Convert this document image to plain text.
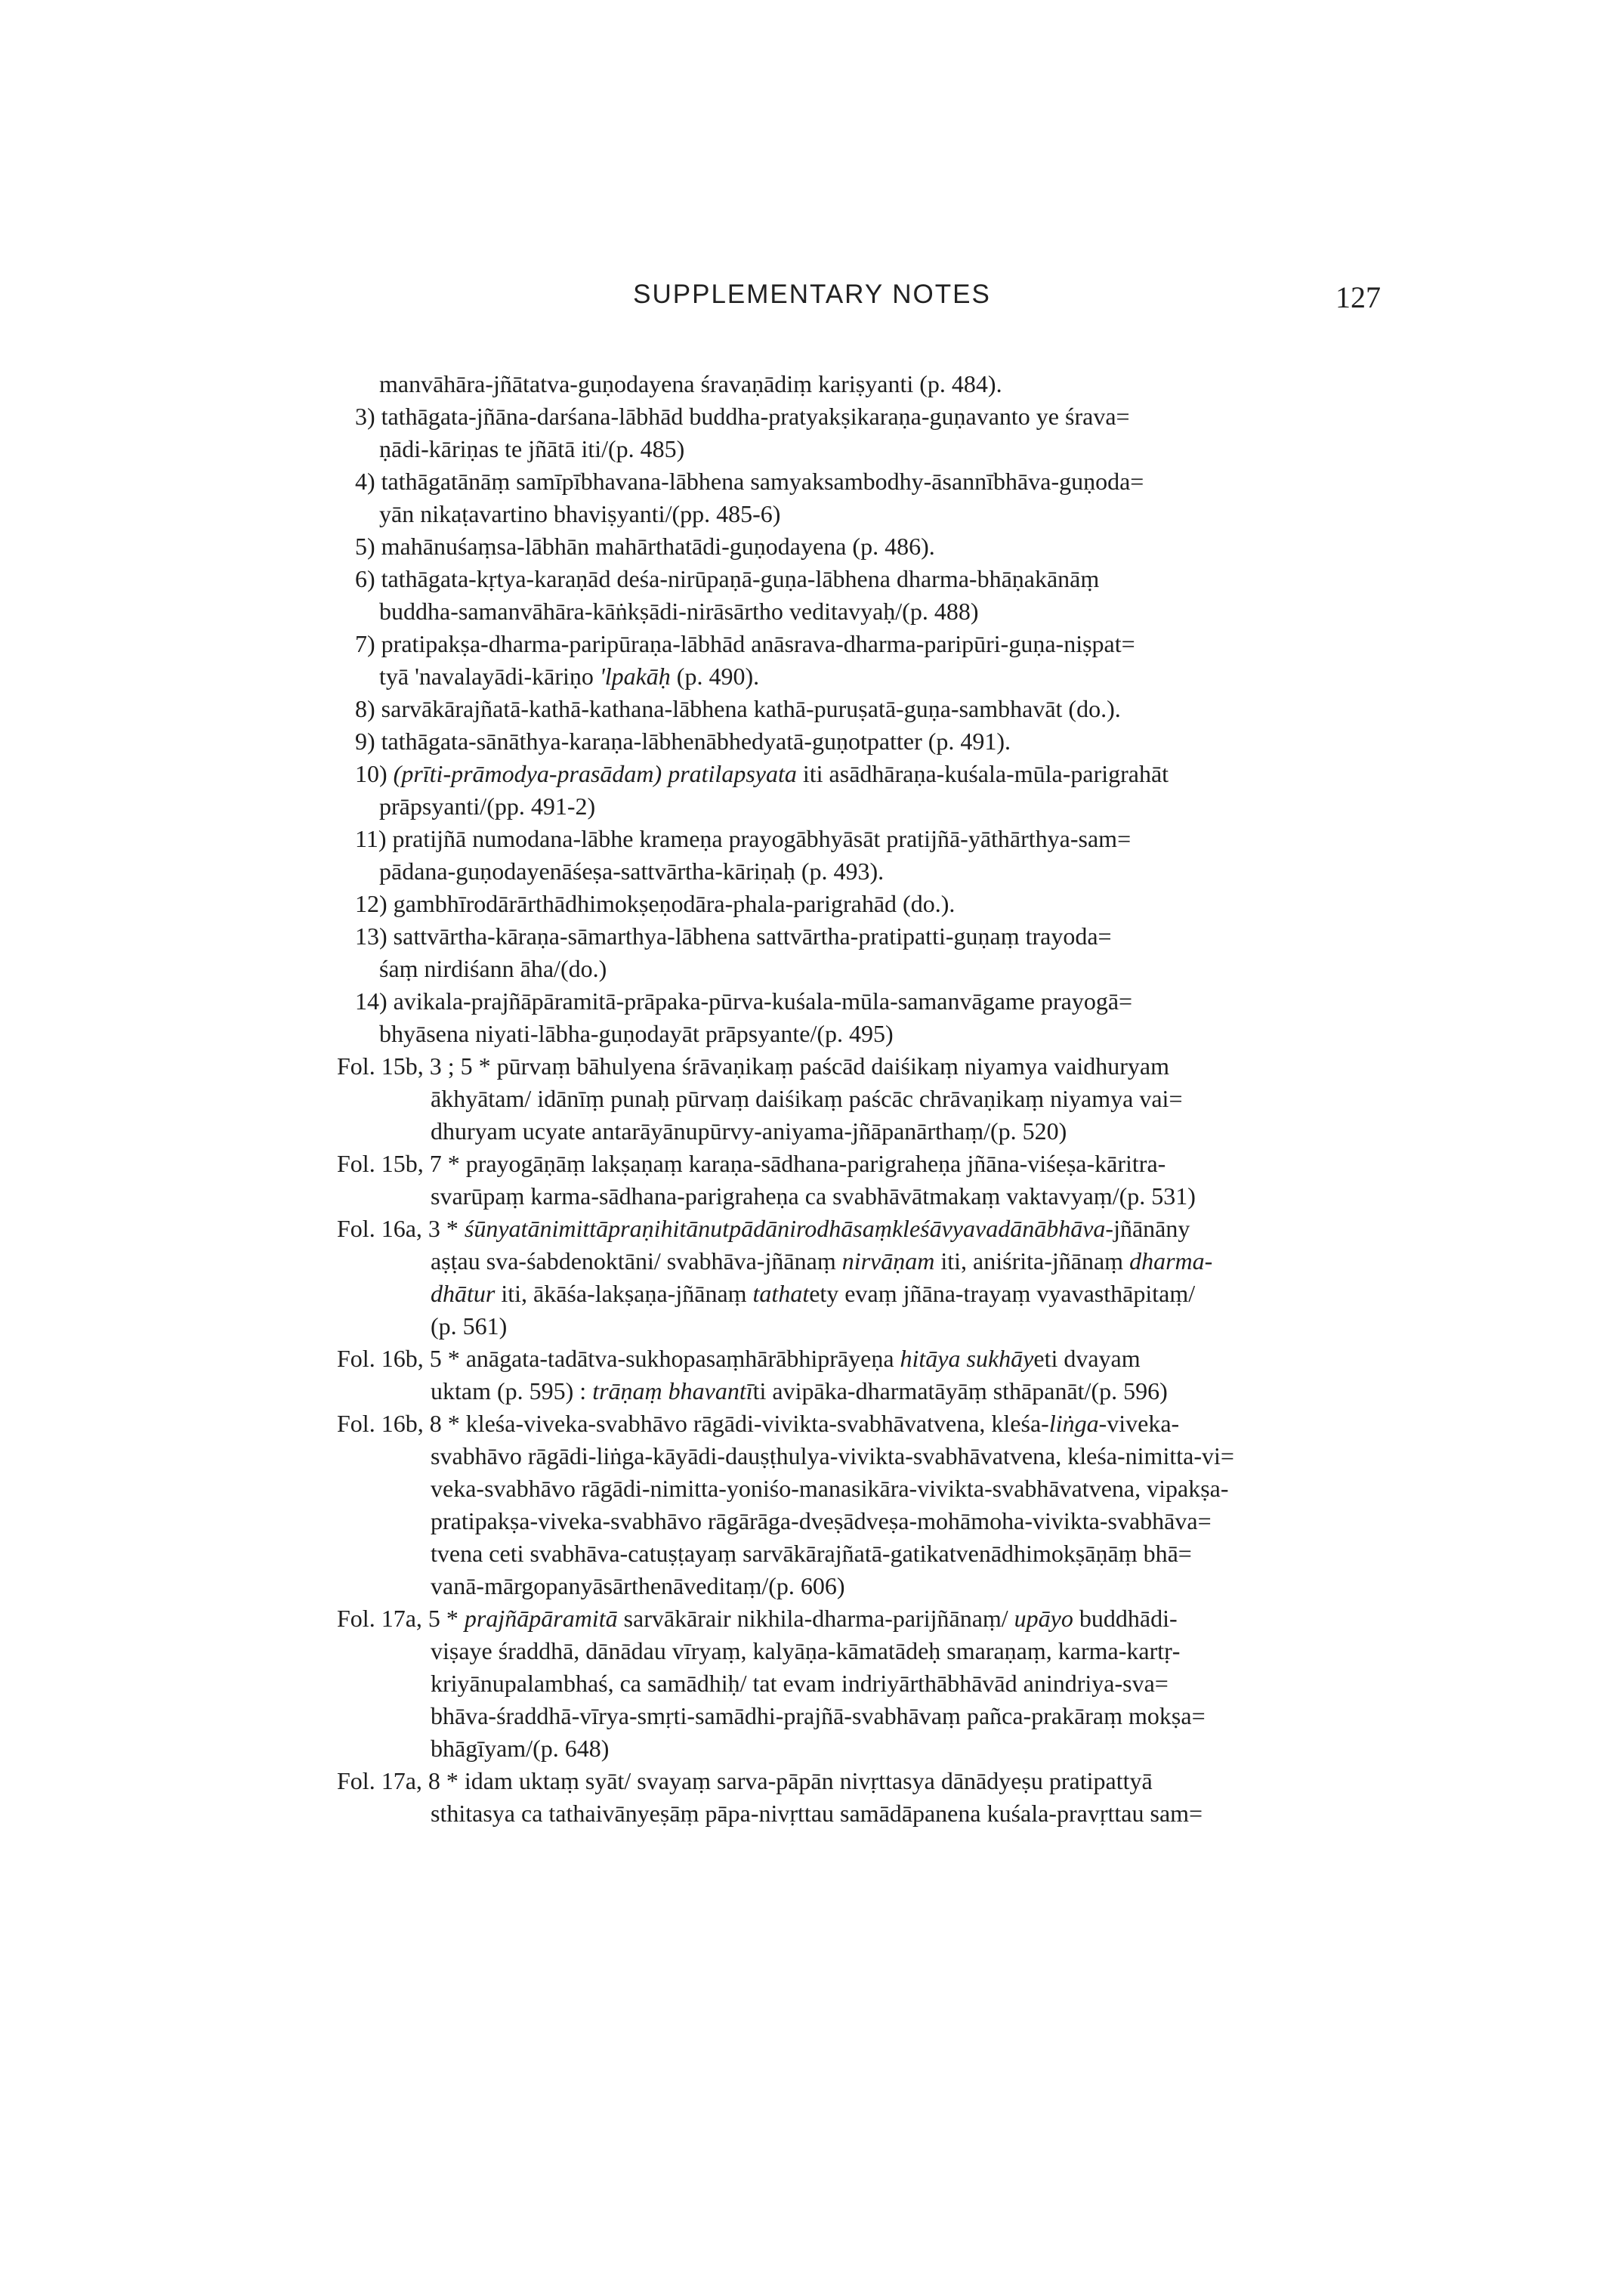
SUPPLEMENTARY NOTES	127
manvāhāra-jñātatva-guṇodayena śravaṇādiṃ kariṣyanti (p. 484).
3) tathāgata-jñāna-darśana-lābhād buddha-pratyakṣikaraṇa-guṇavanto ye śrava=
ṇādi-kāriṇas te jñātā iti/(p. 485)
4) tathāgatānāṃ samīpībhavana-lābhena samyaksambodhy-āsannībhāva-guṇoda=
yān nikaṭavartino bhaviṣyanti/(pp. 485-6)
5) mahānuśaṃsa-lābhān mahārthatādi-guṇodayena (p. 486).
6) tathāgata-kṛtya-karaṇād deśa-nirūpaṇā-guṇa-lābhena dharma-bhāṇakānāṃ
buddha-samanvāhāra-kāṅkṣādi-nirāsārtho veditavyaḥ/(p. 488)
7) pratipakṣa-dharma-paripūraṇa-lābhād anāsrava-dharma-paripūri-guṇa-niṣpat=
tyā 'navalayādi-kāriṇo 'lpakāḥ (p. 490).
8) sarvākārajñatā-kathā-kathana-lābhena kathā-puruṣatā-guṇa-sambhavāt (do.).
9) tathāgata-sānāthya-karaṇa-lābhenābhedyatā-guṇotpatter (p. 491).
10) (prīti-prāmodya-prasādam) pratilapsyata iti asādhāraṇa-kuśala-mūla-parigrahāt
prāpsyanti/(pp. 491-2)
11) pratijñā numodana-lābhe krameṇa prayogābhyāsāt pratijñā-yāthārthya-sam=
pādana-guṇodayenāśeṣa-sattvārtha-kāriṇaḥ (p. 493).
12) gambhīrodārārthādhimokṣeṇodāra-phala-parigrahād (do.).
13) sattvārtha-kāraṇa-sāmarthya-lābhena sattvārtha-pratipatti-guṇaṃ trayoda=
śaṃ nirdiśann āha/(do.)
14) avikala-prajñāpāramitā-prāpaka-pūrva-kuśala-mūla-samanvāgame prayogā=
bhyāsena niyati-lābha-guṇodayāt prāpsyante/(p. 495)
Fol. 15b, 3 ; 5 * pūrvaṃ bāhulyena śrāvaṇikaṃ paścād daiśikaṃ niyamya vaidhuryam
ākhyātam/ idānīṃ punaḥ pūrvaṃ daiśikaṃ paścāc chrāvaṇikaṃ niyamya vai=
dhuryam ucyate antarāyānupūrvy-aniyama-jñāpanārthaṃ/(p. 520)
Fol. 15b, 7 * prayogāṇāṃ lakṣaṇaṃ karaṇa-sādhana-parigraheṇa jñāna-viśeṣa-kāritra-
svarūpaṃ karma-sādhana-parigraheṇa ca svabhāvātmakaṃ vaktavyaṃ/(p. 531)
Fol. 16a, 3 * śūnyatānimittāpraṇihitānutpādānirodhāsaṃkleśāvyavadānābhāva-jñānāny
aṣṭau sva-śabdenoktāni/ svabhāva-jñānaṃ nirvāṇam iti, aniśrita-jñānaṃ dharma-
dhātur iti, ākāśa-lakṣaṇa-jñānaṃ tathatety evaṃ jñāna-trayaṃ vyavasthāpitaṃ/
(p. 561)
Fol. 16b, 5 * anāgata-tadātva-sukhopasaṃhārābhiprāyeṇa hitāya sukhāyeti dvayam
uktam (p. 595) : trāṇaṃ bhavantīti avipāka-dharmatāyāṃ sthāpanāt/(p. 596)
Fol. 16b, 8 * kleśa-viveka-svabhāvo rāgādi-vivikta-svabhāvatvena, kleśa-liṅga-viveka-
svabhāvo rāgādi-liṅga-kāyādi-dauṣṭhulya-vivikta-svabhāvatvena, kleśa-nimitta-vi=
veka-svabhāvo rāgādi-nimitta-yoniśo-manasikāra-vivikta-svabhāvatvena, vipakṣa-
pratipakṣa-viveka-svabhāvo rāgārāga-dveṣādveṣa-mohāmoha-vivikta-svabhāva=
tvena ceti svabhāva-catuṣṭayaṃ sarvākārajñatā-gatikatvenādhimokṣāṇāṃ bhā=
vanā-mārgopanyāsārthenāveditaṃ/(p. 606)
Fol. 17a, 5 * prajñāpāramitā sarvākārair nikhila-dharma-parijñānaṃ/ upāyo buddhādi-
viṣaye śraddhā, dānādau vīryaṃ, kalyāṇa-kāmatādeḥ smaraṇaṃ, karma-kartṛ-
kriyānupalambhaś, ca samādhiḥ/ tat evam indriyārthābhāvād anindriya-sva=
bhāva-śraddhā-vīrya-smṛti-samādhi-prajñā-svabhāvaṃ pañca-prakāraṃ mokṣa=
bhāgīyam/(p. 648)
Fol. 17a, 8 * idam uktaṃ syāt/ svayaṃ sarva-pāpān nivṛttasya dānādyeṣu pratipattyā
sthitasya ca tathaivānyeṣāṃ pāpa-nivṛttau samādāpanena kuśala-pravṛttau sam=
